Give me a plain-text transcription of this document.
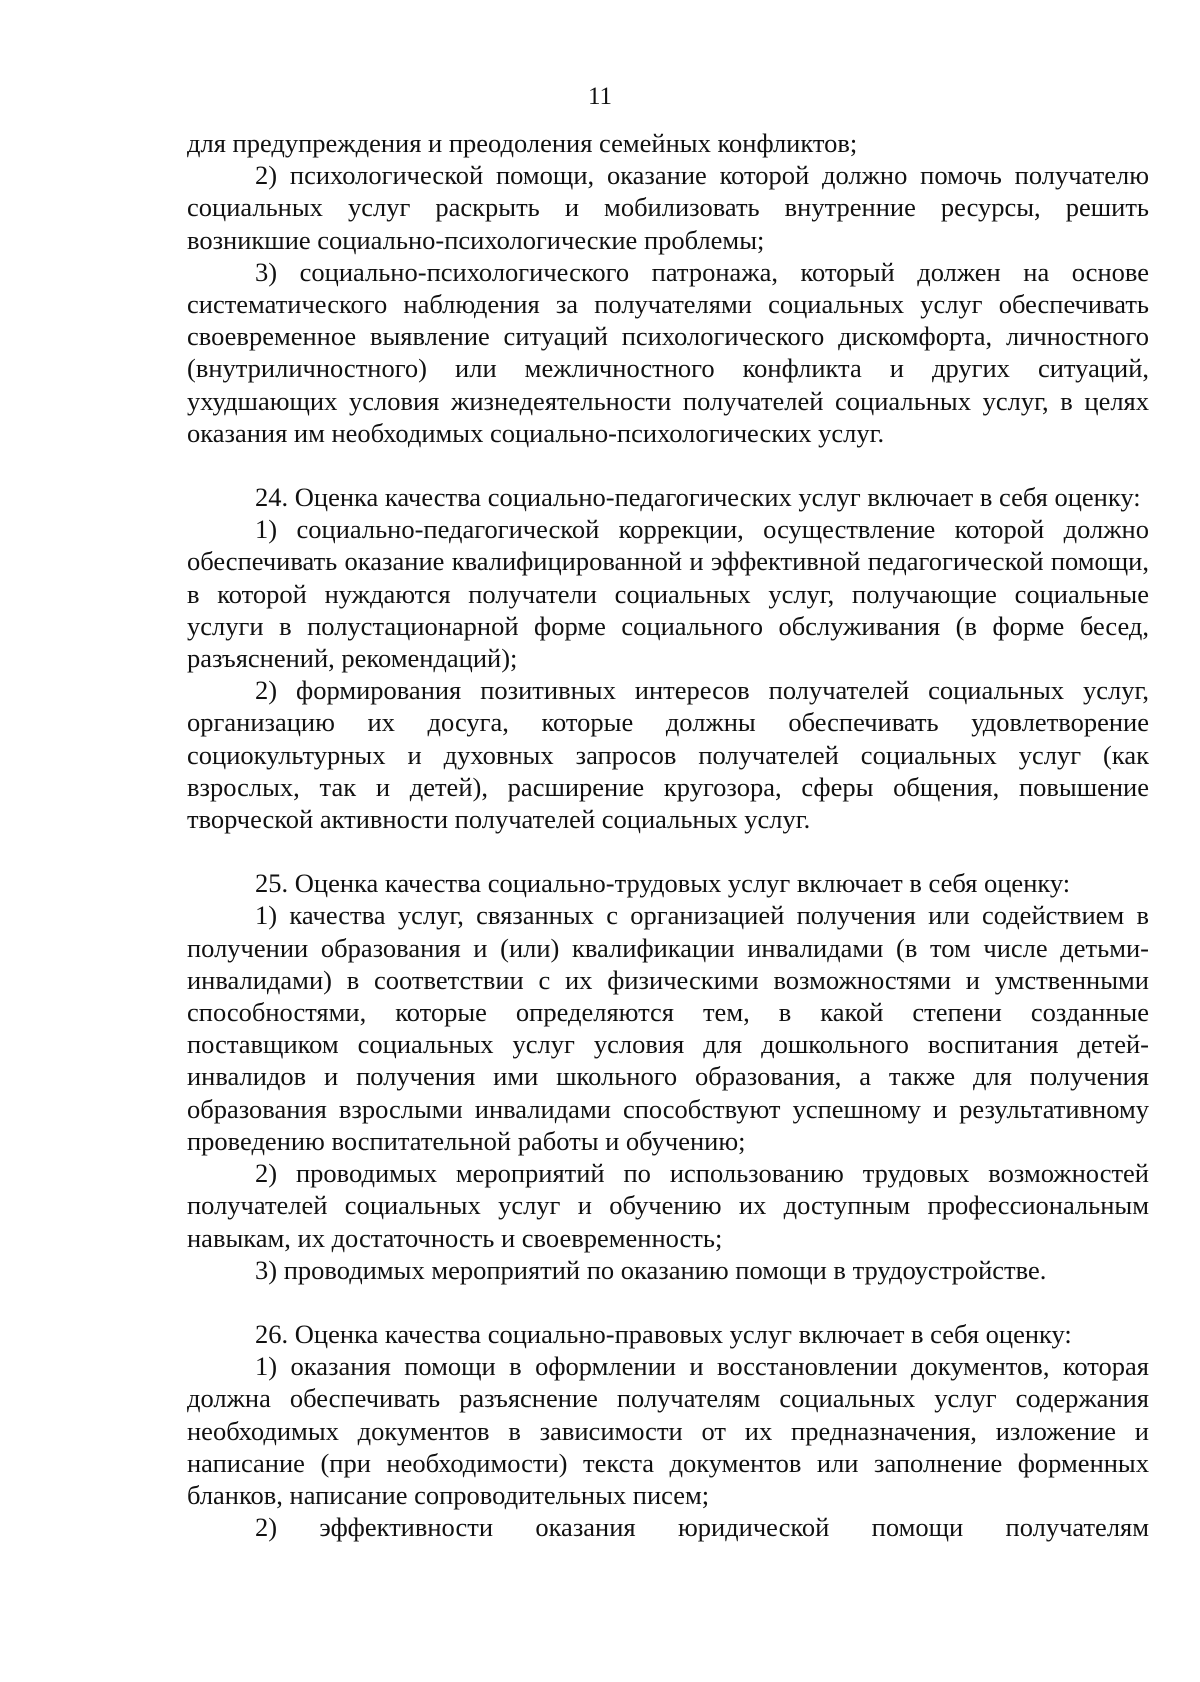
11

для предупреждения и преодоления семейных конфликтов;

2) психологической помощи, оказание которой должно помочь получателю социальных услуг раскрыть и мобилизовать внутренние ресурсы, решить возникшие социально-психологические проблемы;

3) социально-психологического патронажа, который должен на основе систематического наблюдения за получателями социальных услуг обеспечивать своевременное выявление ситуаций психологического дискомфорта, личностного (внутриличностного) или межличностного конфликта и других ситуаций, ухудшающих условия жизнедеятельности получателей социальных услуг, в целях оказания им необходимых социально-психологических услуг.

24. Оценка качества социально-педагогических услуг включает в себя оценку:

1) социально-педагогической коррекции, осуществление которой должно обеспечивать оказание квалифицированной и эффективной педагогической помощи, в которой нуждаются получатели социальных услуг, получающие социальные услуги в полустационарной форме социального обслуживания (в форме бесед, разъяснений, рекомендаций);

2) формирования позитивных интересов получателей социальных услуг, организацию их досуга, которые должны обеспечивать удовлетворение социокультурных и духовных запросов получателей социальных услуг (как взрослых, так и детей), расширение кругозора, сферы общения, повышение творческой активности получателей социальных услуг.

25. Оценка качества социально-трудовых услуг включает в себя оценку:

1) качества услуг, связанных с организацией получения или содействием в получении образования и (или) квалификации инвалидами (в том числе детьми-инвалидами) в соответствии с их физическими возможностями и умственными способностями, которые определяются тем, в какой степени созданные поставщиком социальных услуг условия для дошкольного воспитания детей-инвалидов и получения ими школьного образования, а также для получения образования взрослыми инвалидами способствуют успешному и результативному проведению воспитательной работы и обучению;

2) проводимых мероприятий по использованию трудовых возможностей получателей социальных услуг и обучению их доступным профессиональным навыкам, их достаточность и своевременность;

3) проводимых мероприятий по оказанию помощи в трудоустройстве.

26. Оценка качества социально-правовых услуг включает в себя оценку:

1) оказания помощи в оформлении и восстановлении документов, которая должна обеспечивать разъяснение получателям социальных услуг содержания необходимых документов в зависимости от их предназначения, изложение и написание (при необходимости) текста документов или заполнение форменных бланков, написание сопроводительных писем;

2) эффективности оказания юридической помощи получателям
